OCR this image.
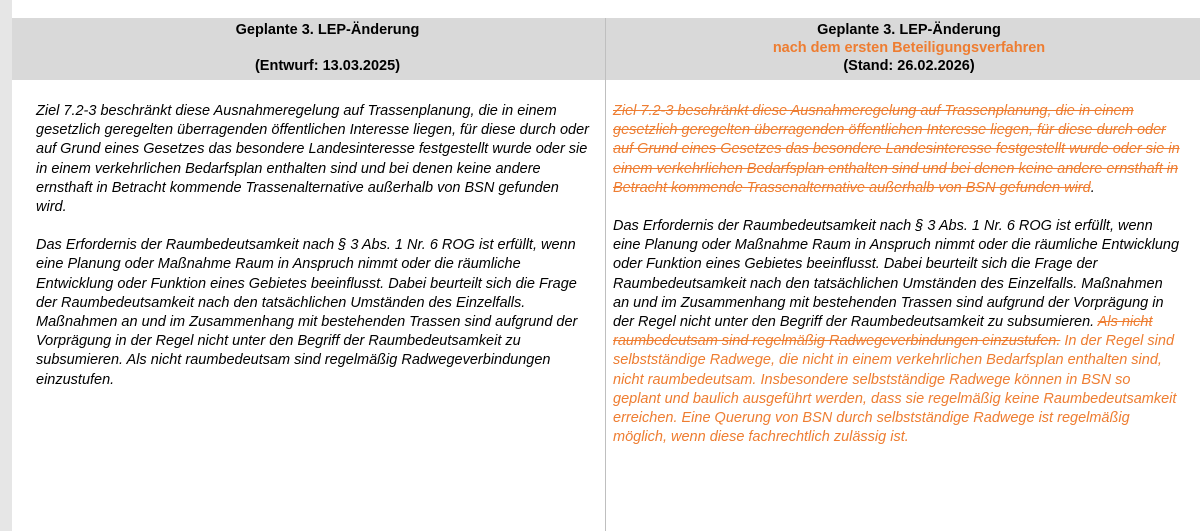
Geplante 3. LEP-Änderung
(Entwurf: 13.03.2025)
Geplante 3. LEP-Änderung
nach dem ersten Beteiligungsverfahren
(Stand: 26.02.2026)

Ziel 7.2-3 beschränkt diese Ausnahmeregelung auf Trassenplanung, die in einem gesetzlich geregelten überragenden öffentlichen Interesse liegen, für diese durch oder auf Grund eines Gesetzes das besondere Landesinteresse festgestellt wurde oder sie in einem verkehrlichen Bedarfsplan enthalten sind und bei denen keine andere ernsthaft in Betracht kommende Trassenalternative außerhalb von BSN gefunden wird.

Das Erfordernis der Raumbedeutsamkeit nach § 3 Abs. 1 Nr. 6 ROG ist erfüllt, wenn eine Planung oder Maßnahme Raum in Anspruch nimmt oder die räumliche Entwicklung oder Funktion eines Gebietes beeinflusst. Dabei beurteilt sich die Frage der Raumbedeutsamkeit nach den tatsächlichen Umständen des Einzelfalls. Maßnahmen an und im Zusammenhang mit bestehenden Trassen sind aufgrund der Vorprägung in der Regel nicht unter den Begriff der Raumbedeutsamkeit zu subsumieren. Als nicht raumbedeutsam sind regelmäßig Radwegeverbindungen einzustufen.

Ziel 7.2-3 beschränkt diese Ausnahmeregelung auf Trassenplanung, die in einem gesetzlich geregelten überragenden öffentlichen Interesse liegen, für diese durch oder auf Grund eines Gesetzes das besondere Landesinteresse festgestellt wurde oder sie in einem verkehrlichen Bedarfsplan enthalten sind und bei denen keine andere ernsthaft in Betracht kommende Trassenalternative außerhalb von BSN gefunden wird.

Das Erfordernis der Raumbedeutsamkeit nach § 3 Abs. 1 Nr. 6 ROG ist erfüllt, wenn eine Planung oder Maßnahme Raum in Anspruch nimmt oder die räumliche Entwicklung oder Funktion eines Gebietes beeinflusst. Dabei beurteilt sich die Frage der Raumbedeutsamkeit nach den tatsächlichen Umständen des Einzelfalls. Maßnahmen an und im Zusammenhang mit bestehenden Trassen sind aufgrund der Vorprägung in der Regel nicht unter den Begriff der Raumbedeutsamkeit zu subsumieren. Als nicht raumbedeutsam sind regelmäßig Radwegeverbindungen einzustufen. In der Regel sind selbstständige Radwege, die nicht in einem verkehrlichen Bedarfsplan enthalten sind, nicht raumbedeutsam. Insbesondere selbstständige Radwege können in BSN so geplant und baulich ausgeführt werden, dass sie regelmäßig keine Raumbedeutsamkeit erreichen. Eine Querung von BSN durch selbstständige Radwege ist regelmäßig möglich, wenn diese fachrechtlich zulässig ist.
